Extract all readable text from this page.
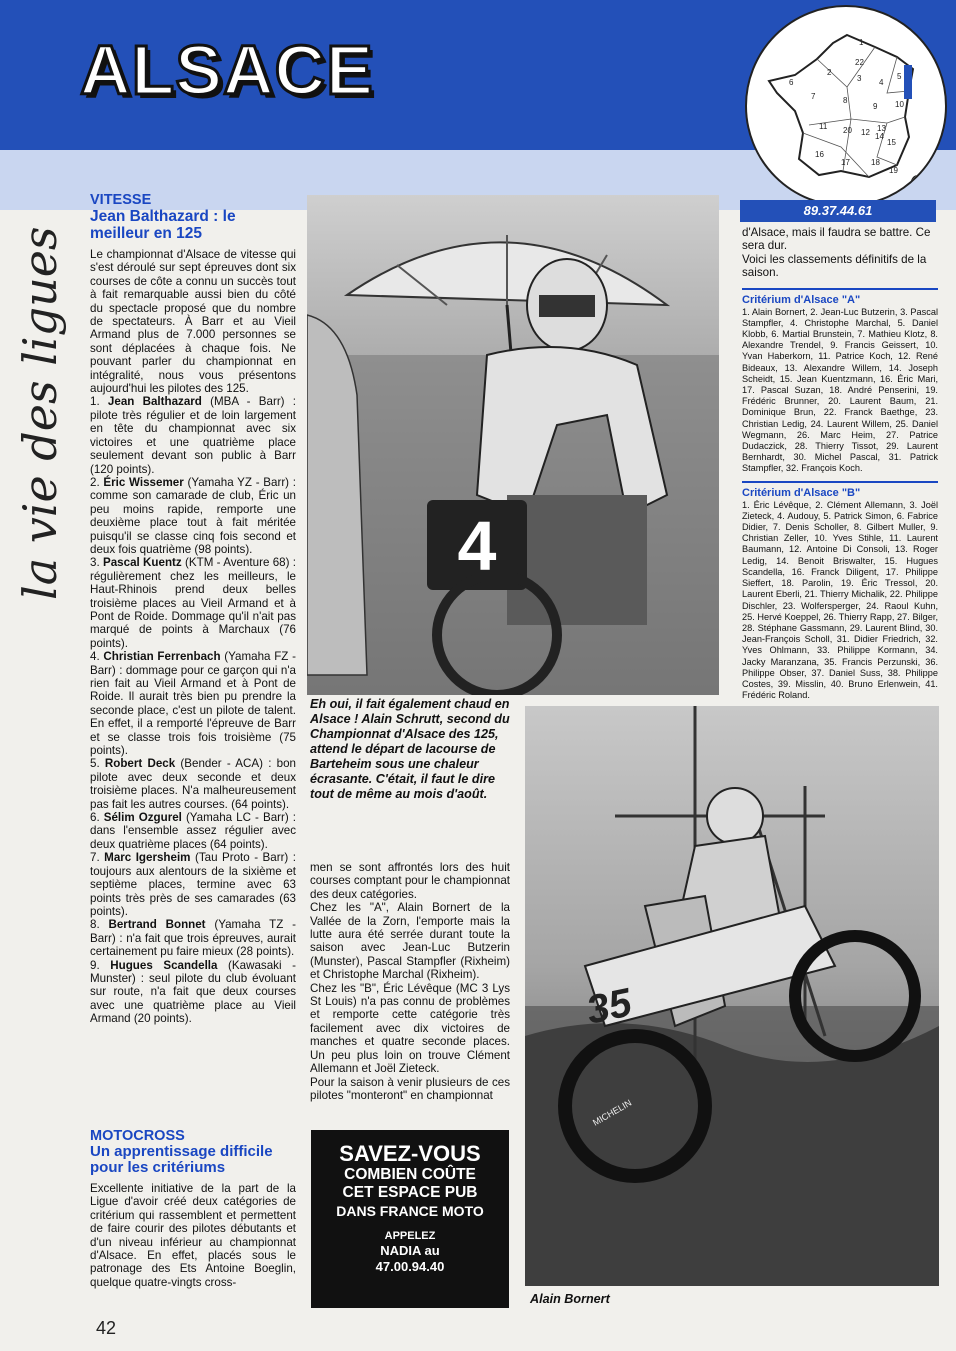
ALSACE	1
22
2
3 4
5
6
7	8
9 10
11
12 13
14
15
16
17	18
19
20
89.37.44.61
la vie des ligues
VITESSE
Jean Balthazard : le meilleur en 125

Le championnat d'Alsace de vitesse qui s'est déroulé sur sept épreuves dont six courses de côte a connu un succès tout à fait remarquable aussi bien du côté du spectacle proposé que du nombre de spectateurs. À Barr et au Vieil Armand plus de 7.000 personnes se sont déplacées à chaque fois. Ne pouvant parler du championnat en intégralité, nous vous présentons aujourd'hui les pilotes des 125.

1. Jean Balthazard (MBA - Barr) : pilote très régulier et de loin largement en tête du championnat avec six victoires et une quatrième place seulement devant son public à Barr (120 points).

2. Éric Wissemer (Yamaha YZ - Barr) : comme son camarade de club, Éric un peu moins rapide, remporte une deuxième place tout à fait méritée puisqu'il se classe cinq fois second et deux fois quatrième (98 points).

3. Pascal Kuentz (KTM - Aventure 68) : régulièrement chez les meilleurs, le Haut-Rhinois prend deux belles troisième places au Vieil Armand et à Pont de Roide. Dommage qu'il n'ait pas marqué de points à Marchaux (76 points).

4. Christian Ferrenbach (Yamaha FZ - Barr) : dommage pour ce garçon qui n'a rien fait au Vieil Armand et à Pont de Roide. Il aurait très bien pu prendre la seconde place, c'est un pilote de talent. En effet, il a remporté l'épreuve de Barr et se classe trois fois troisième (75 points).

5. Robert Deck (Bender - ACA) : bon pilote avec deux seconde et deux troisième places. N'a malheureusement pas fait les autres courses. (64 points).

6. Sélim Ozgurel (Yamaha LC - Barr) : dans l'ensemble assez régulier avec deux quatrième places (64 points).

7. Marc Igersheim (Tau Proto - Barr) : toujours aux alentours de la sixième et septième places, termine avec 63 points très près de ses camarades (63 points).

8. Bertrand Bonnet (Yamaha TZ - Barr) : n'a fait que trois épreuves, aurait certainement pu faire mieux (28 points).

9. Hugues Scandella (Kawasaki - Munster) : seul pilote du club évoluant sur route, n'a fait que deux courses avec une quatrième place au Vieil Armand (20 points).

MOTOCROSS
Un apprentissage difficile pour les critériums

Excellente initiative de la part de la Ligue d'avoir créé deux catégories de critérium qui rassemblent et permettent de faire courir des pilotes débutants et d'un niveau inférieur au championnat d'Alsace. En effet, placés sous le patronage des Ets Antoine Boeglin, quelque quatre-vingts cross-

4
Eh oui, il fait également chaud en Alsace ! Alain Schrutt, second du Championnat d'Alsace des 125, attend le départ de lacourse de Barteheim sous une chaleur écrasante. C'était, il faut le dire tout de même au mois d'août.

men se sont affrontés lors des huit courses comptant pour le championnat des deux catégories.

Chez les "A", Alain Bornert de la Vallée de la Zorn, l'emporte mais la lutte aura été serrée durant toute la saison avec Jean-Luc Butzerin (Munster), Pascal Stampfler (Rixheim) et Christophe Marchal (Rixheim).

Chez les "B", Éric Lévêque (MC 3 Lys St Louis) n'a pas connu de problèmes et remporte cette catégorie très facilement avec dix victoires de manches et quatre seconde places. Un peu plus loin on trouve Clément Allemann et Joël Zieteck.

Pour la saison à venir plusieurs de ces pilotes "monteront" en championnat

35
MICHELIN
Alain Bornert

d'Alsace, mais il faudra se battre. Ce sera dur.

Voici les classements définitifs de la saison.

Critérium d'Alsace "A"
1. Alain Bornert, 2. Jean-Luc Butzerin, 3. Pascal Stampfler, 4. Christophe Marchal, 5. Daniel Klobb, 6. Martial Brunstein, 7. Mathieu Klotz, 8. Alexandre Trendel, 9. Francis Geissert, 10. Yvan Haberkorn, 11. Patrice Koch, 12. René Bideaux, 13. Alexandre Willem, 14. Joseph Scheidt, 15. Jean Kuentzmann, 16. Éric Mari, 17. Pascal Suzan, 18. André Penserini, 19. Frédéric Brunner, 20. Laurent Baum, 21. Dominique Brun, 22. Franck Baethge, 23. Christian Ledig, 24. Laurent Willem, 25. Daniel Wegmann, 26. Marc Heim, 27. Patrice Dudaczick, 28. Thierry Tissot, 29. Laurent Bernhardt, 30. Michel Pascal, 31. Patrick Stampfler, 32. François Koch.
Critérium d'Alsace "B"
1. Éric Lévêque, 2. Clément Allemann, 3. Joël Zieteck, 4. Audouy, 5. Patrick Simon, 6. Fabrice Didier, 7. Denis Scholler, 8. Gilbert Muller, 9. Christian Zeller, 10. Yves Stihle, 11. Laurent Baumann, 12. Antoine Di Consoli, 13. Roger Ledig, 14. Benoit Briswalter, 15. Hugues Scandella, 16. Franck Diligent, 17. Philippe Sieffert, 18. Parolin, 19. Éric Tressol, 20. Laurent Eberli, 21. Thierry Michalik, 22. Philippe Dischler, 23. Wolfersperger, 24. Raoul Kuhn, 25. Hervé Koeppel, 26. Thierry Rapp, 27. Bilger, 28. Stéphane Gassmann, 29. Laurent Blind, 30. Jean-François Scholl, 31. Didier Friedrich, 32. Yves Ohlmann, 33. Philippe Kormann, 34. Jacky Maranzana, 35. Francis Perzunski, 36. Philippe Obser, 37. Daniel Suss, 38. Philippe Costes, 39. Misslin, 40. Bruno Erlenwein, 41. Frédéric Roland.
SAVEZ-VOUS
COMBIEN COÛTE
CET ESPACE PUB
DANS FRANCE MOTO
APPELEZ
NADIA au
47.00.94.40
42
